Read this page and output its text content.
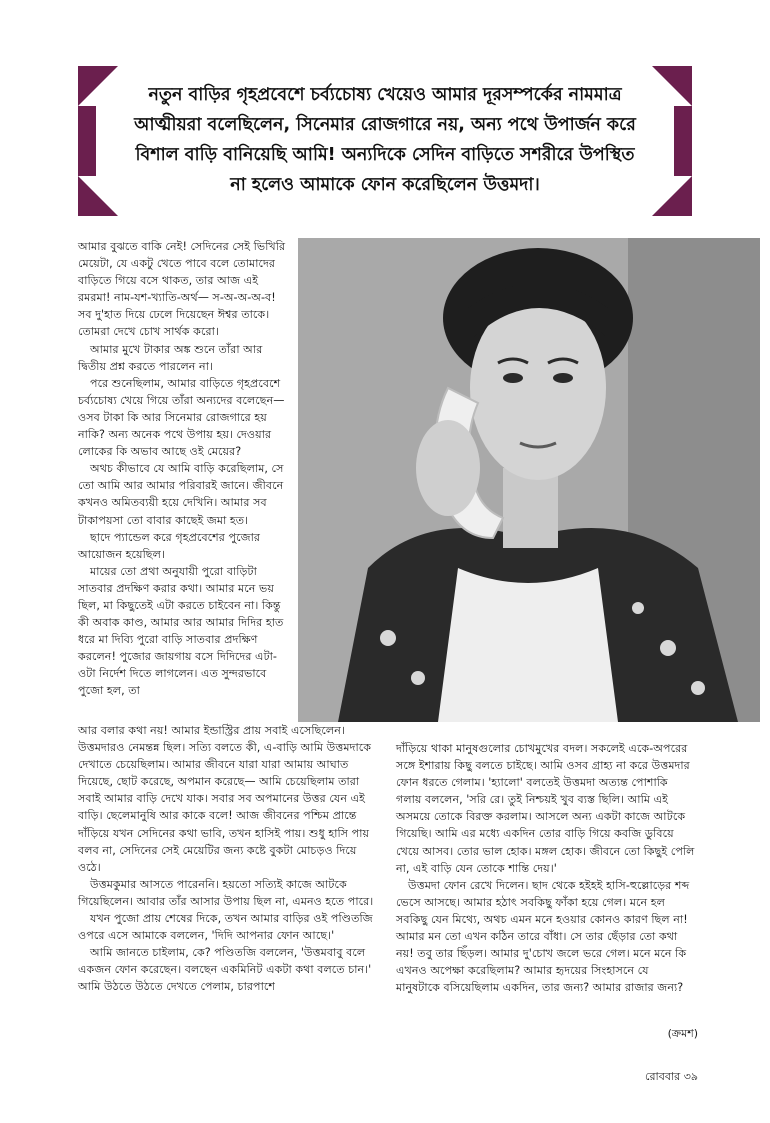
নতুন বাড়ির গৃহপ্রবেশে চর্ব্যচোষ্য খেয়েও আমার দূরসম্পর্কের নামমাত্র
আত্মীয়রা বলেছিলেন, সিনেমার রোজগারে নয়, অন্য পথে উপার্জন করে
বিশাল বাড়ি বানিয়েছি আমি! অন্যদিকে সেদিন বাড়িতে সশরীরে উপস্থিত
না হলেও আমাকে ফোন করেছিলেন উত্তমদা।

আমার বুঝতে বাকি নেই! সেদিনের সেই ভিখিরি মেয়েটা, যে একটু খেতে পাবে বলে তোমাদের বাড়িতে গিয়ে বসে থাকত, তার আজ এই রমরমা! নাম-যশ-খ্যাতি-অর্থ— স-অ-অ-অ-ব! সব দু'হাত দিয়ে ঢেলে দিয়েছেন ঈশ্বর তাকে। তোমরা দেখে চোখ সার্থক করো।

আমার মুখে টাকার অঙ্ক শুনে তাঁরা আর দ্বিতীয় প্রশ্ন করতে পারলেন না।

পরে শুনেছিলাম, আমার বাড়িতে গৃহপ্রবেশে চর্ব্যচোষ্য খেয়ে গিয়ে তাঁরা অন্যদের বলেছেন— ওসব টাকা কি আর সিনেমার রোজগারে হয় নাকি? অন্য অনেক পথে উপায় হয়। দেওয়ার লোকের কি অভাব আছে ওই মেয়ের?

অথচ কীভাবে যে আমি বাড়ি করেছিলাম, সে তো আমি আর আমার পরিবারই জানে। জীবনে কখনও অমিতব্যয়ী হয়ে দেখিনি। আমার সব টাকাপয়সা তো বাবার কাছেই জমা হত।

ছাদে প্যান্ডেল করে গৃহপ্রবেশের পুজোর আয়োজন হয়েছিল।

মায়ের তো প্রথা অনুযায়ী পুরো বাড়িটা সাতবার প্রদক্ষিণ করার কথা। আমার মনে ভয় ছিল, মা কিছুতেই এটা করতে চাইবেন না। কিন্তু কী অবাক কাণ্ড, আমার আর আমার দিদির হাত ধরে মা দিব্যি পুরো বাড়ি সাতবার প্রদক্ষিণ করলেন! পুজোর জায়গায় বসে দিদিদের এটা-ওটা নির্দেশ দিতে লাগলেন। এত সুন্দরভাবে পুজো হল, তা

আর বলার কথা নয়! আমার ইন্ডাস্ট্রির প্রায় সবাই এসেছিলেন। উত্তমদারও নেমন্তন্ন ছিল। সত্যি বলতে কী, এ-বাড়ি আমি উত্তমদাকে দেখাতে চেয়েছিলাম। আমার জীবনে যারা যারা আমায় আঘাত দিয়েছে, ছোট করেছে, অপমান করেছে— আমি চেয়েছিলাম তারা সবাই আমার বাড়ি দেখে যাক। সবার সব অপমানের উত্তর যেন এই বাড়ি। ছেলেমানুষি আর কাকে বলে! আজ জীবনের পশ্চিম প্রান্তে দাঁড়িয়ে যখন সেদিনের কথা ভাবি, তখন হাসিই পায়। শুধু হাসি পায় বলব না, সেদিনের সেই মেয়েটির জন্য কষ্টে বুকটা মোচড়ও দিয়ে ওঠে।

উত্তমকুমার আসতে পারেননি। হয়তো সত্যিই কাজে আটকে গিয়েছিলেন। আবার তাঁর আসার উপায় ছিল না, এমনও হতে পারে।

যখন পুজো প্রায় শেষের দিকে, তখন আমার বাড়ির ওই পণ্ডিতজি ওপরে এসে আমাকে বললেন, 'দিদি আপনার ফোন আছে।'

আমি জানতে চাইলাম, কে? পণ্ডিতজি বললেন, 'উত্তমবাবু বলে একজন ফোন করেছেন। বলছেন একমিনিট একটা কথা বলতে চান।' আমি উঠতে উঠতে দেখতে পেলাম, চারপাশে

দাঁড়িয়ে থাকা মানুষগুলোর চোখমুখের বদল। সকলেই একে-অপরের সঙ্গে ইশারায় কিছু বলতে চাইছে। আমি ওসব গ্রাহ্য না করে উত্তমদার ফোন ধরতে গেলাম। 'হ্যালো' বলতেই উত্তমদা অত্যন্ত পোশাকি গলায় বললেন, 'সরি রে। তুই নিশ্চয়ই খুব ব্যস্ত ছিলি। আমি এই অসময়ে তোকে বিরক্ত করলাম। আসলে অন্য একটা কাজে আটকে গিয়েছি। আমি এর মধ্যে একদিন তোর বাড়ি গিয়ে কবজি ডুবিয়ে খেয়ে আসব। তোর ভাল হোক। মঙ্গল হোক। জীবনে তো কিছুই পেলি না, এই বাড়ি যেন তোকে শান্তি দেয়।'

উত্তমদা ফোন রেখে দিলেন। ছাদ থেকে হইহই হাসি-হুল্লোড়ের শব্দ ভেসে আসছে। আমার হঠাৎ সবকিছু ফাঁকা হয়ে গেল। মনে হল সবকিছু যেন মিথ্যে, অথচ এমন মনে হওয়ার কোনও কারণ ছিল না! আমার মন তো এখন কঠিন তারে বাঁধা। সে তার ছেঁড়ার তো কথা নয়! তবু তার ছিঁড়ল। আমার দু'চোখ জলে ভরে গেল। মনে মনে কি এখনও অপেক্ষা করেছিলাম? আমার হৃদয়ের সিংহাসনে যে মানুষটাকে বসিয়েছিলাম একদিন, তার জন্য? আমার রাজার জন্য?

(ক্রমশ)
রোববার ৩৯
